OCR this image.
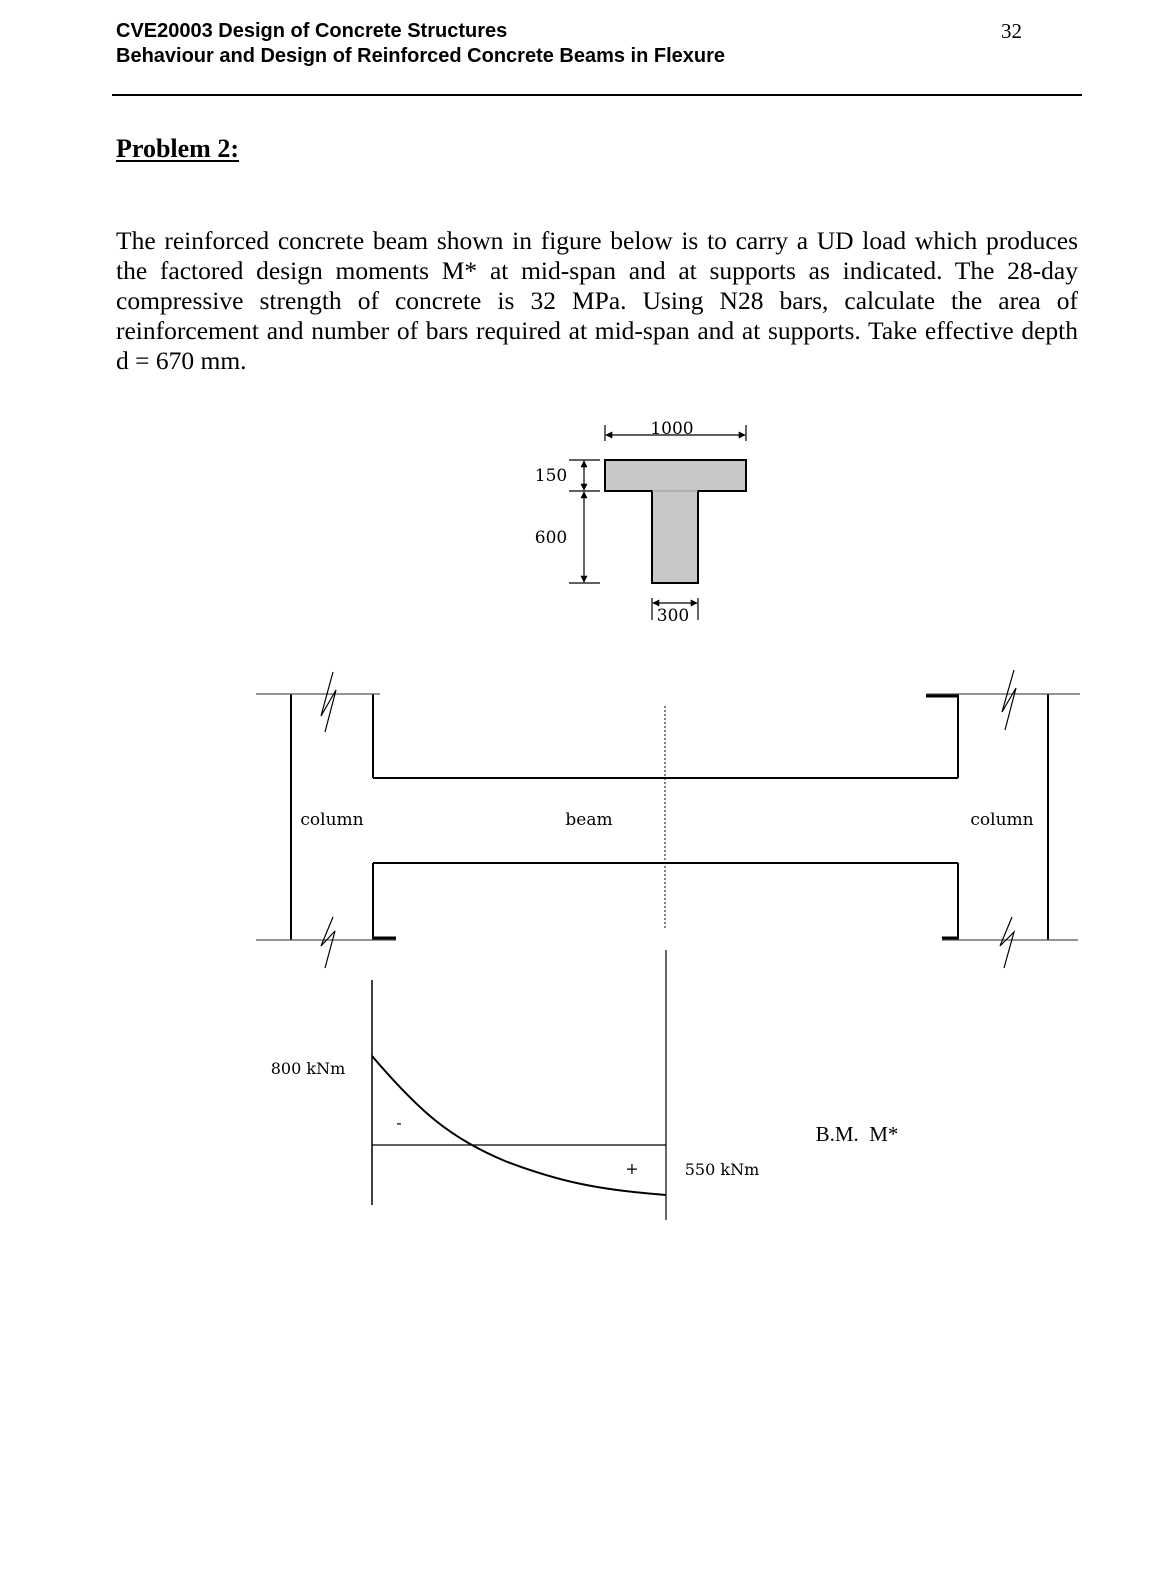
CVE20003 Design of Concrete Structures
Behaviour and Design of Reinforced Concrete Beams in Flexure
32
Problem 2:

The reinforced concrete beam shown in figure below is to carry a UD load which produces the factored design moments M* at mid-span and at supports as indicated. The 28-day compressive strength of concrete is 32 MPa. Using N28 bars, calculate the area of reinforcement and number of bars required at mid-span and at supports. Take effective depth d = 670 mm.

1000
150
600
300
column	beam	column
800 kNm
-
+	550 kNm
B.M.  M*
